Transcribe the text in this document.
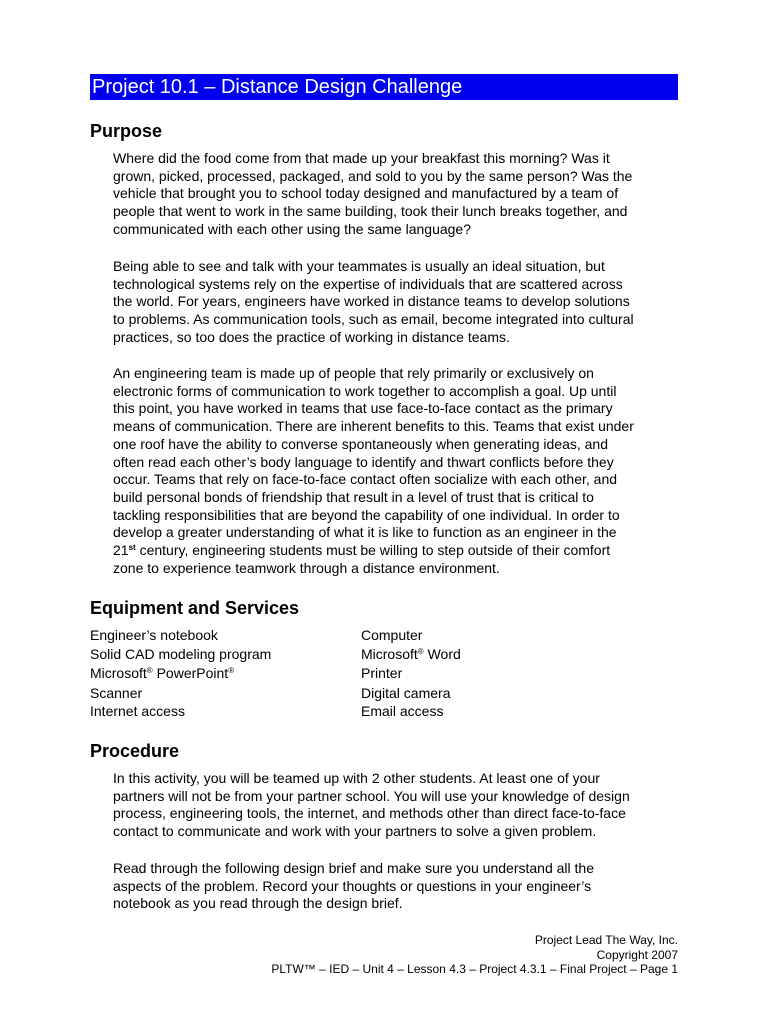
Project 10.1 – Distance Design Challenge
Purpose
Where did the food come from that made up your breakfast this morning? Was it
grown, picked, processed, packaged, and sold to you by the same person? Was the
vehicle that brought you to school today designed and manufactured by a team of
people that went to work in the same building, took their lunch breaks together, and
communicated with each other using the same language?
Being able to see and talk with your teammates is usually an ideal situation, but
technological systems rely on the expertise of individuals that are scattered across
the world. For years, engineers have worked in distance teams to develop solutions
to problems. As communication tools, such as email, become integrated into cultural
practices, so too does the practice of working in distance teams.
An engineering team is made up of people that rely primarily or exclusively on
electronic forms of communication to work together to accomplish a goal. Up until
this point, you have worked in teams that use face-to-face contact as the primary
means of communication. There are inherent benefits to this. Teams that exist under
one roof have the ability to converse spontaneously when generating ideas, and
often read each other’s body language to identify and thwart conflicts before they
occur. Teams that rely on face-to-face contact often socialize with each other, and
build personal bonds of friendship that result in a level of trust that is critical to
tackling responsibilities that are beyond the capability of one individual. In order to
develop a greater understanding of what it is like to function as an engineer in the
21st century, engineering students must be willing to step outside of their comfort
zone to experience teamwork through a distance environment.
Equipment and Services
Engineer’s notebook
Solid CAD modeling program
Microsoft® PowerPoint®
Scanner
Internet access
Computer
Microsoft® Word
Printer
Digital camera
Email access
Procedure
In this activity, you will be teamed up with 2 other students. At least one of your
partners will not be from your partner school. You will use your knowledge of design
process, engineering tools, the internet, and methods other than direct face-to-face
contact to communicate and work with your partners to solve a given problem.
Read through the following design brief and make sure you understand all the
aspects of the problem. Record your thoughts or questions in your engineer’s
notebook as you read through the design brief.
Project Lead The Way, Inc.
Copyright 2007
PLTW™ – IED – Unit 4 – Lesson 4.3 – Project 4.3.1 – Final Project – Page 1
